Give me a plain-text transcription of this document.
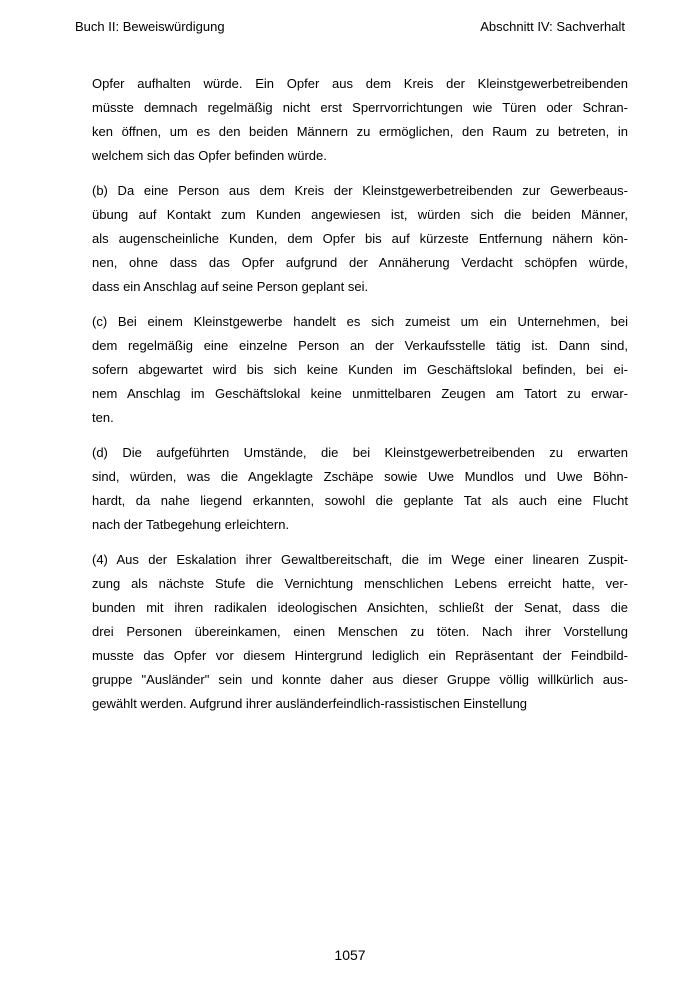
Buch II: Beweiswürdigung	Abschnitt IV: Sachverhalt
Opfer aufhalten würde. Ein Opfer aus dem Kreis der Kleinstgewerbetreibenden
müsste demnach regelmäßig nicht erst Sperrvorrichtungen wie Türen oder Schran-
ken öffnen, um es den beiden Männern zu ermöglichen, den Raum zu betreten, in
welchem sich das Opfer befinden würde.
(b) Da eine Person aus dem Kreis der Kleinstgewerbetreibenden zur Gewerbeaus-
übung auf Kontakt zum Kunden angewiesen ist, würden sich die beiden Männer,
als augenscheinliche Kunden, dem Opfer bis auf kürzeste Entfernung nähern kön-
nen, ohne dass das Opfer aufgrund der Annäherung Verdacht schöpfen würde,
dass ein Anschlag auf seine Person geplant sei.
(c) Bei einem Kleinstgewerbe handelt es sich zumeist um ein Unternehmen, bei
dem regelmäßig eine einzelne Person an der Verkaufsstelle tätig ist. Dann sind,
sofern abgewartet wird bis sich keine Kunden im Geschäftslokal befinden, bei ei-
nem Anschlag im Geschäftslokal keine unmittelbaren Zeugen am Tatort zu erwar-
ten.
(d) Die aufgeführten Umstände, die bei Kleinstgewerbetreibenden zu erwarten
sind, würden, was die Angeklagte Zschäpe sowie Uwe Mundlos und Uwe Böhn-
hardt, da nahe liegend erkannten, sowohl die geplante Tat als auch eine Flucht
nach der Tatbegehung erleichtern.
(4) Aus der Eskalation ihrer Gewaltbereitschaft, die im Wege einer linearen Zuspit-
zung als nächste Stufe die Vernichtung menschlichen Lebens erreicht hatte, ver-
bunden mit ihren radikalen ideologischen Ansichten, schließt der Senat, dass die
drei Personen übereinkamen, einen Menschen zu töten. Nach ihrer Vorstellung
musste das Opfer vor diesem Hintergrund lediglich ein Repräsentant der Feindbild-
gruppe "Ausländer" sein und konnte daher aus dieser Gruppe völlig willkürlich aus-
gewählt werden. Aufgrund ihrer ausländerfeindlich-rassistischen Einstellung
1057
